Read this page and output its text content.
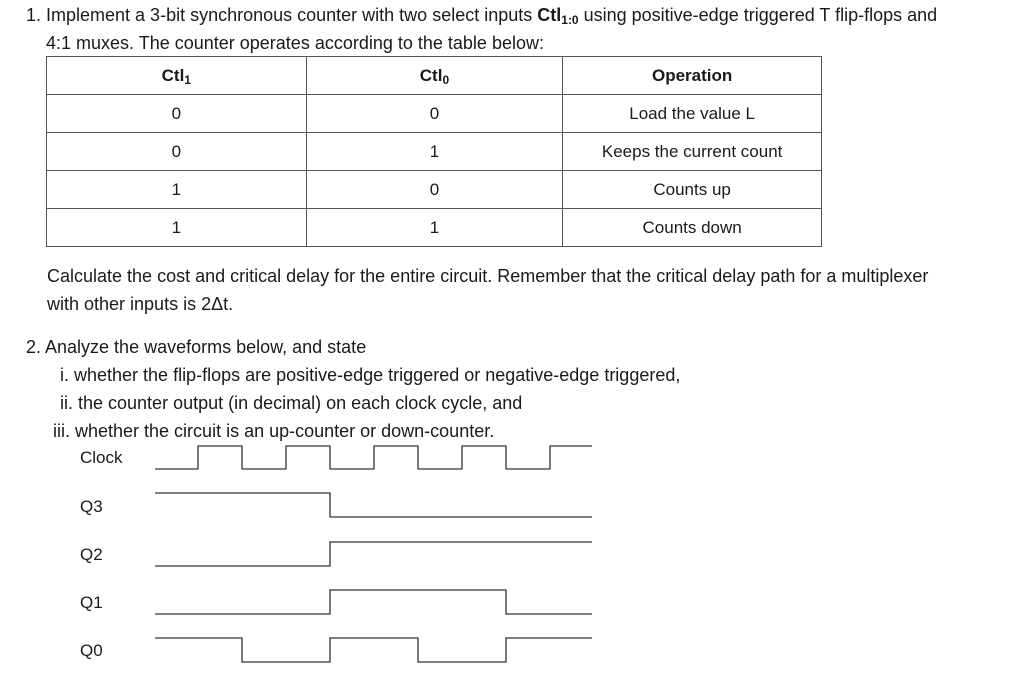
1. Implement a 3-bit synchronous counter with two select inputs Ctl$_{1:0}$ using positive-edge triggered T flip-flops and
4:1 muxes. The counter operates according to the table below:
Ctl$_1$	Ctl$_0$	Operation
0	0	Load the value L
0	1	Keeps the current count
1	0	Counts up
1	1	Counts down
Calculate the cost and critical delay for the entire circuit. Remember that the critical delay path for a multiplexer
with other inputs is 2Δt.
2. Analyze the waveforms below, and state
i. whether the flip-flops are positive-edge triggered or negative-edge triggered,
ii. the counter output (in decimal) on each clock cycle, and
iii. whether the circuit is an up-counter or down-counter.
Clock
Q3
Q2
Q1
Q0
